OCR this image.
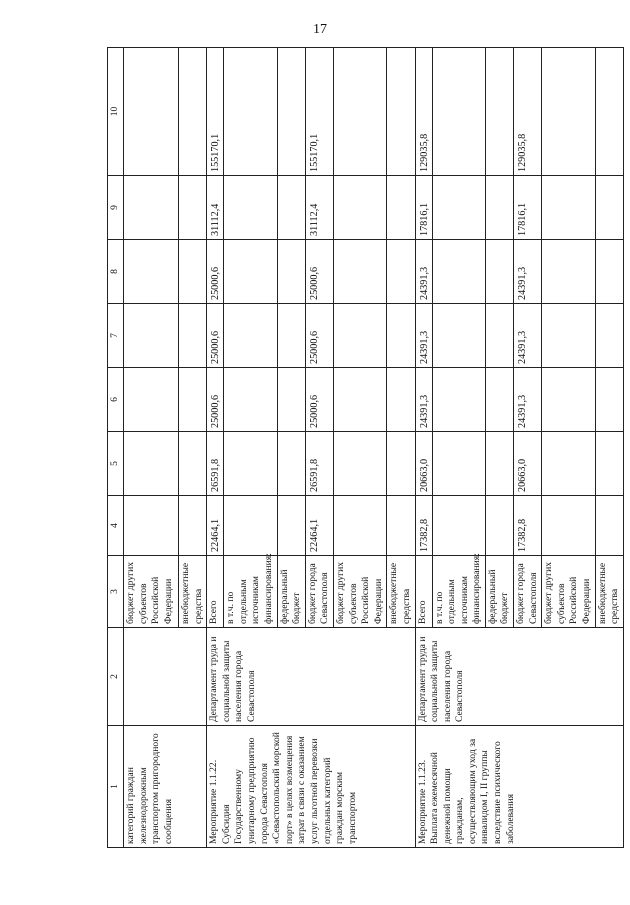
17
1	2	3	4	5	6	7	8	9	10
категорий граждан железнодорожным транспортом пригородного сообщения		бюджет других субъектов Российской Федерации							
		внебюджетные средства							
Мероприятие 1.1.22. Субсидия Государственному унитарному предприятию города Севастополя «Севастопольский морской порт» в целях возмещения затрат в связи с оказанием услуг льготной перевозки отдельных категорий граждан морским транспортом	Департамент труда и социальной защиты населения города Севастополя	Всего	22464,1	26591,8	25000,6	25000,6	25000,6	31112,4	155170,1
		в т.ч. по отдельным источникам финансирования:							
		федеральный бюджет							
		бюджет города Севастополя	22464,1	26591,8	25000,6	25000,6	25000,6	31112,4	155170,1
		бюджет других субъектов Российской Федерации							
		внебюджетные средства							
Мероприятие 1.1.23. Выплата ежемесячной денежной помощи гражданам, осуществляющим уход за инвалидом I, II группы вследствие психического заболевания	Департамент труда и социальной защиты населения города Севастополя	Всего	17382,8	20663,0	24391,3	24391,3	24391,3	17816,1	129035,8
		в т.ч. по отдельным источникам финансирования:							
		федеральный бюджет							
		бюджет города Севастополя	17382,8	20663,0	24391,3	24391,3	24391,3	17816,1	129035,8
		бюджет других субъектов Российской Федерации							
		внебюджетные средства							
